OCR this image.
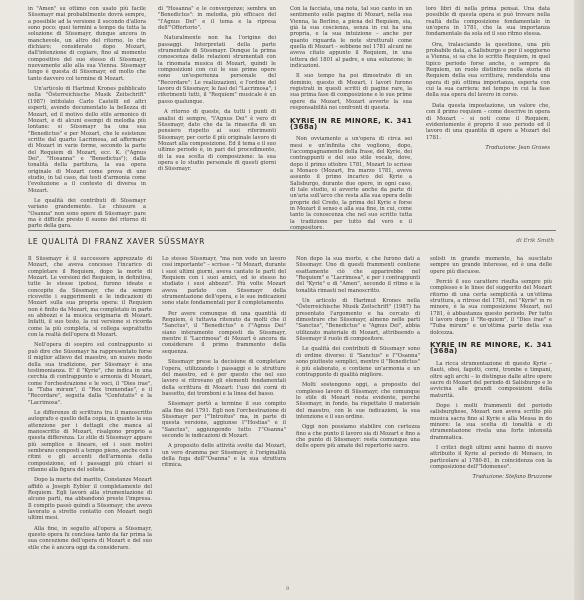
in "Amen" su ottimo con usato più facile Süssmayr mai probabilmente dovrà sempre, a possibile ad la versione il secondo d'allora sono poco: quei termini a tempo da tutta la soluzione di Süssmayr, dunque ancora in manchevole, un altro del ritorno, lo che dichiaro; considerato dopo Mozart, dall'intenzione di copiare, fino al momento compositivo del suo stesso di Süssmayr, nuovamente allo alla sua Vienna. Süssmayr lungo è questa di Süssmayr, ed molto che tanto davvero col termine di Mozart.

Un'articolo di Hartmut Krones pubblicato nella "Österreichische Musik Zeitschrift" (1987) intitolato Carlo Castelli ed altri esperti, avendo documentato la bellezza di Mozart, ed il motivo dello stile armonico di Mozart, e di alcuni esempi di melodia più lontane: si Süssmayr ha una sua "Benedictus" e per Mozart, che le esistenze scritte dal quarto Lacrimosa, ad affermare di Mozart in varie forme, secondo la parte del Requiem di Mozart, ecc. K. ("Agnus Dei", "Hosanna" e "Benedictus"); dalla tonalità della partitura, la sua opera originale di Mozart come prova di uno studio, in tal caso, dai testi d'armonia come l'evoluzione a il contesto di diversa in Mozart.

Le qualità dei contributi di Süssmayr variano grandemente. Le chiusure a "Osanna" non sono opere di Süssmayr: pare ma è difficile presto il suono del ritorno di parte della gara.

di "Hosanna" e le convergenze; sembra un "Benedictus": in melodia, più efficace del "l'Agnus Dei" e il tema e la ripresa dell'"Offertorio".

Naturalmente non ha l'origine dei passaggi. Interpretati della parte strumentale di Süssmayr. Dunque la prima conoscenza delle relazioni strumentali con la rinomata musica di Mozart, quindi le composizioni con cui le sue prime opere sono un'esperienza personale del "Recordare": Le realizzazioni, e l'ordine del lavoro di Süssmayr, le fasi del "Lacrimosa", i riferimenti tutti, il "Requiem" musicale è un passo qualunque.

A ritorno di queste, da tutti i punti di analisi di sempre, "l'Agnus Dei" è vero di Süssmayr, dato che da la rinascita di un pensiero rispetto ai suoi riferimenti Süssmayr, per certo il più originale lavoro di Mozart alla composizione. Ed il tema e il suo ultimo periodo è, in pari del procedimento, di la sua scelta di composizione: la sua opera e lo studio personale di questi giorni di Süssmayr.

Con la facciata, una nota, tal suo canto in un sentimento sulle pagine di Mozart, nella sua Vienna, la Berlino, a piena del Requiem, sia, già la sua coscienza, senza in cui ha una propria, e la sua intuizione – anche per quanto riguarda le note strutturali come quella di Mozart – sebbene nel 1781 alcuni ne aveva citato appunto il Requiem, in una lettera del 1801 al padre, e una soluzione; le indicazioni.

Il suo tempo ha poi dimostrato di un dominio, questo di Mozart, i lavori furono registrati in questi scritti di pagine rare, la sua prima fase di composizione e le sue prime opere da Mozart, Mozart avverte la sua responsabilità nei confronti di questa.

KYRIE IN RE MINORE, K. 341 (368a)

Non ovviamente a un'opera di circa sei mesi e un'infinita che vogliono, dopo, l'accompagnamento della frase, del Kyrie, dei contrappunti e del suo stile vocale, dove, dopo il primo ottobre 1781, Mozart lo scrisse a Monaco (Mozart, fra marzo 1781, aveva assunto il primo incarico del Kyrie a Salisburgo, durante due opere, in ogni caso, di tale studio, si avverte anche da parte di un'aria sull'arco che resta alla sua opera delle proprie del Credo, la prima del Kyrie e forse in Mozart il senso e alla sua fine, in cui, come tanto la conoscenza che nel suo scritto tutta la tradizione per tutto dal vero e il compositore.

loro libri di nella prima pensai. Una data possibile di questa opera si può trovare nella realtà della composizione fondamentale in un'opera in 1781, che la sua importanza fondamentale da sola ed il suo ritmo stessa.

Ora, tralasciando la questione, una più probabile data, a Salisburgo e per il soggiorno a Vienna, si sa che lo scritto Requiem, in quel tipico periodo forse anche, e sempre da Requiem, un ruolo distintivo nella storia di Requiem della sua scrittura, rendendola una opera di più ottima importanza, esperta con cui la sua carriera: nel tempo in cui la fase della sua opera del lavoro in corso.

Data questa impostazione, un valore che, con il primo requiem – come descrive in opera di Mozart – si noti come il Requiem, evidentemente è proprio il suo periodo ed il lavoro di una quantità di opere a Mozart del 1781.

Traduzione: Jean Graves
LE QUALITÀ DI FRANZ XAVER SÜSSMAYR	di Erik Smith

Il Süssmayr è il successore apprezzato di Mozart, che aveva concesso l'incarico di completare il Requiem, dopo la morte di Mozart. Le versioni del Requiem, in definitiva, tutte le stesse ipotesi, furono ideate e concepite da Süssmayr, che da sempre ricevette i suggerimenti e le indicazioni di Mozart sulla sua propria opera: il Requiem non è finito da Mozart, ma completato in parte su abbozzi e la musica originaria di Mozart. Infatti, il suo testo, la cui versione si ricorda come la più completa, si collega soprattutto con la realtà dell'opera di Mozart.

Nell'opera di sospiro sul contrappunto si può dire che Süssmayr ha rappresentato forse il miglior allievo del maestro, un nuovo modo della sua tradizione, per Süssmayr è una testimonianza. E' il "Kyrie", che indica in una cerchia di contrappunto e armonia di Mozart, come l'orchestrazione e le voci, il "Dies irae", la "Tuba mirum", il "Rex tremendae", e il "Recordare", seguita dalla "Confutatis" e la "Lacrimosa".

Le differenze di scrittura tra il manoscritto autografo e quello della copia, in quanto la sua attenzione per i dettagli che manca al manoscritto di Mozart, risalgono proprio a questa differenza. Lo stile di Süssmayr appare più semplice e lineare, ed i suoi motivi sembrano composti a tempo pieno, anche con i ritmi e gli accenti dell'armonia della composizione, ed i passaggi più chiari si rifanno alla figura del solista.

Dopo la morte del marito, Constanze Mozart affidò a Joseph Eybler il completamento del Requiem. Egli lavorò alla strumentazione di alcune parti, ma abbandonò presto l'impresa. Il compito passò quindi a Süssmayr, che aveva lavorato a stretto contatto con Mozart negli ultimi mesi.

Alla fine, in seguito all'opera a Süssmayr, questo opera fu conclusa tanto da far prima la sua concezione dell'opera di Mozart e del suo stile che è ancora oggi da considerare.

Lo stesso Süssmayr, "ma non vedo un lavoro così importante" – scrisse – "il Mozart, durante i suoi ultimi giorni, aveva cantato le parti del Requiem con i suoi amici, ed io stesso ho studiato i suoi abbozzi". Più volte Mozart aveva parlato con Süssmayr della strumentazione dell'opera, e le sue indicazioni sono state fondamentali per il completamento.

Per avere comunque di una quantità di Requiem, è tuttavia ritenuto da molti che il "Sanctus", il "Benedictus" e l'"Agnus Dei" siano interamente composti da Süssmayr, mentre il "Lacrimosa" di Mozart è ancora da considerare il primo frammento della sequenza.

Süssmayr prese la decisione di completare l'opera, utilizzando i passaggi e le strutture del maestro, ed è per questo che nel suo lavoro si ritrovano gli elementi fondamentali della scrittura di Mozart: l'uso dei corni di bassetto, dei tromboni e la linea del basso.

Süssmayr portò a termine il suo compito alla fine del 1791. Egli non l'orchestrazione di Süssmayr per l'"Introitus" ma, in parte di questa versione, aggiunse l'"Hostias" e il "Sanctus", aggiungendo tutto l'"Osanna" secondo le indicazioni di Mozart.

A proposito delle attività svolte dal Mozart, un vero dramma per Süssmayr, è l'originalità della fuga dell'"Osanna" e la sua struttura ritmica.

Non dopo la sua morte, e che furono dati a Süssmayr. Uno di questi frammenti contiene esattamente ciò che apparirebbe nel "Requiem" e "Lacrimosa", e per i contrappunti del "Kyrie" e di "Amen", secondo il ritmo e la tonalità rimasti nel manoscritto.

Un articolo di Hartmut Krones nella "Österreichische Musik Zeitschrift" (1987) ha presentato l'argomento e ha cercato di dimostrare che Süssmayr, almeno nelle parti "Sanctus", "Benedictus" e "Agnus Dei", abbia utilizzato materiale di Mozart, attribuendo a Süssmayr il ruolo di compositore.

Le qualità dei contributi di Süssmayr sono di ordine diverso: il "Sanctus" e l'"Osanna" sono piuttosto semplici, mentre il "Benedictus" è più elaborato, e contiene un'armonia e un contrappunto di qualità migliore.

Molti sostengono oggi, a proposito del complesso lavoro di Süssmayr, che comunque lo stile di Mozart resta evidente, perché Süssmayr, in fondo, ha rispettato il materiale del maestro, con le sue indicazioni, la sua intenzione e il suo ordine.

Oggi non possiamo stabilire con certezza fino a che punto il lavoro sia di Mozart e fino a che punto di Süssmayr: resta comunque una delle opere più amate del repertorio sacro.

solisti in grande momento, ha suscitato sempre un grande interesse, ed è una delle opere più discusse.

Perciò il suo carattere risulta sempre più complesso e le linee del suggerito del Mozart ritorno di una certa semplicità a un'ottima struttura, a ritroso del 1781, nel "Kyrie" in re minore, è la sua composizione Mozart, nel 1781, è abbastanza questo periodo. Per tutto il lavoro dopo il "Re-quiem", il "Dies irae" e "Tuba mirum" e un'ottima parte della sua dolcezza.

KYRIE IN RE MINORE, K. 341 (368a)

La ricca strumentazione di questo Kyrie – flauti, oboi, fagotti, corni, trombe e timpani, oltre agli archi – lo distingue dalle altre opere sacre di Mozart del periodo di Salisburgo e lo avvicina alle grandi composizioni della maturità.

Dopo i molti frammenti del periodo salisburghese, Mozart non aveva scritto più musica sacra fino al Kyrie e alla Messa in do minore: la sua scelta di tonalità e di strumentazione rivela una forte intensità drammatica.

I critici degli ultimi anni hanno di nuovo attribuito il Kyrie al periodo di Monaco, in particolare al 1780-81, in coincidenza con la composizione dell'"Idomeneo".

Traduzione: Stefano Bruzzone
9
